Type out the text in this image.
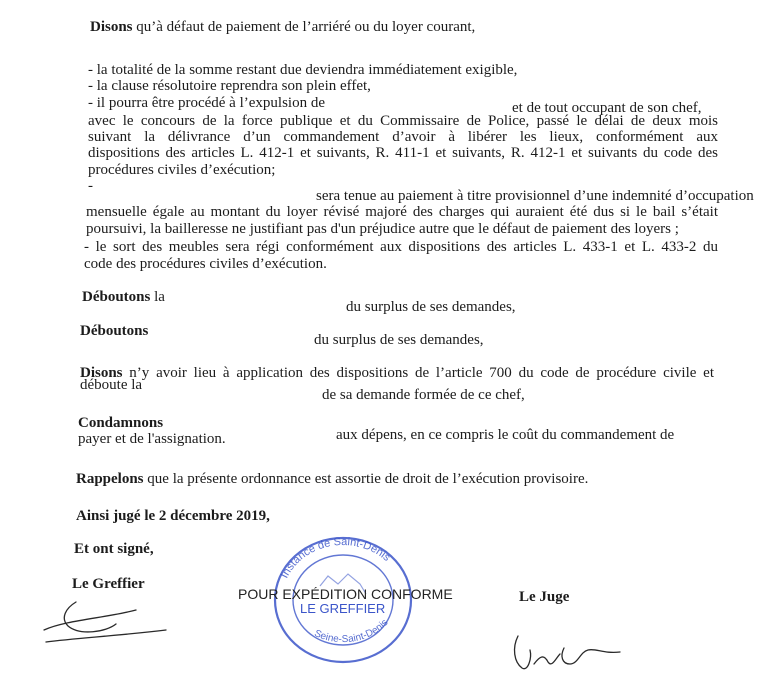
Disons qu’à défaut de paiement de l’arriéré ou du loyer courant,
- la totalité de la somme restant due deviendra immédiatement exigible,
- la clause résolutoire reprendra son plein effet,
- il pourra être procédé à l’expulsion de	et de tout occupant de son chef,
avec le concours de la force publique et du Commissaire de Police, passé le délai de deux mois
suivant la délivrance d’un commandement d’avoir à libérer les lieux, conformément aux
dispositions des articles L. 412-1 et suivants, R. 411-1 et suivants, R. 412-1 et suivants du code des
procédures civiles d’exécution;
-
sera tenue au paiement à titre provisionnel d’une indemnité d’occupation
mensuelle égale au montant du loyer révisé majoré des charges qui auraient été dus si le bail s’était
poursuivi, la bailleresse ne justifiant pas d'un préjudice autre que le défaut de paiement des loyers ;
- le sort des meubles sera régi conformément aux dispositions des articles L. 433-1 et L. 433-2 du
code des procédures civiles d’exécution.
Déboutons la
du surplus de ses demandes,
Déboutons
du surplus de ses demandes,
Disons n’y avoir lieu à application des dispositions de l’article 700 du code de procédure civile et
déboute la
de sa demande formée de ce chef,
Condamnons
aux dépens, en ce compris le coût du commandement de
payer et de l'assignation.
Rappelons que la présente ordonnance est assortie de droit de l’exécution provisoire.
Ainsi jugé le 2 décembre 2019,
Et ont signé,
Le Greffier
Le Juge
Instance de Saint-Denis
Seine-Saint-Denis
POUR EXPÉDITION CONFORME
LE GREFFIER
